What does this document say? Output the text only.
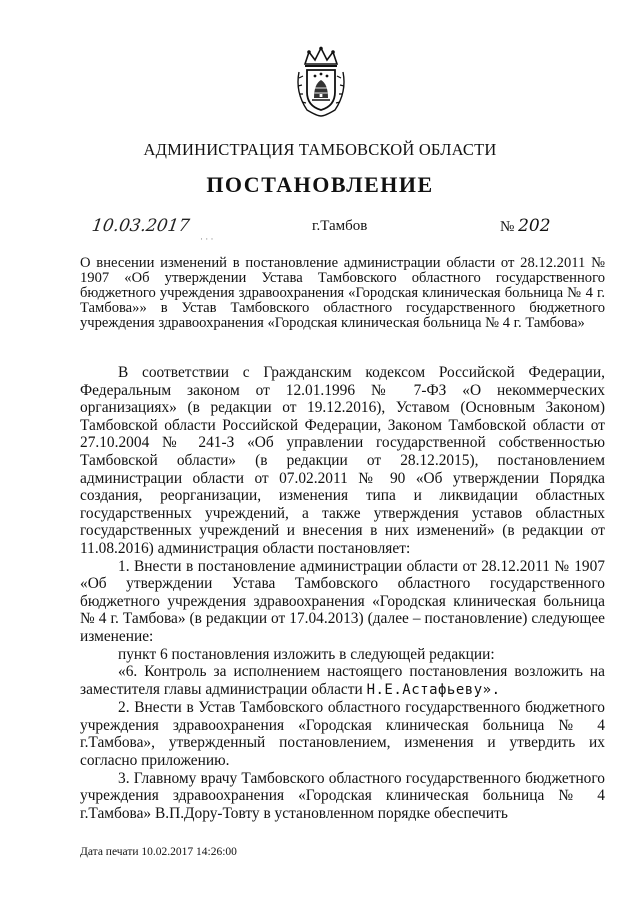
АДМИНИСТРАЦИЯ ТАМБОВСКОЙ ОБЛАСТИ
ПОСТАНОВЛЕНИЕ
10.03.2017	г.Тамбов	№ 202
· · ·
О внесении изменений в постановление администрации области от 28.12.2011 № 1907 «Об утверждении Устава Тамбовского областного государственного бюджетного учреждения здравоохранения «Городская клиническая больница № 4 г. Тамбова»» в Устав Тамбовского областного государственного бюджетного учреждения здравоохранения «Городская клиническая больница № 4 г. Тамбова»

В соответствии с Гражданским кодексом Российской Федерации, Федеральным законом от 12.01.1996 № 7-ФЗ «О некоммерческих организациях» (в редакции от 19.12.2016), Уставом (Основным Законом) Тамбовской области Российской Федерации, Законом Тамбовской области от 27.10.2004 № 241-З «Об управлении государственной собственностью Тамбовской области» (в редакции от 28.12.2015), постановлением администрации области от 07.02.2011 № 90 «Об утверждении Порядка создания, реорганизации, изменения типа и ликвидации областных государственных учреждений, а также утверждения уставов областных государственных учреждений и внесения в них изменений» (в редакции от 11.08.2016) администрация области постановляет:

1. Внести в постановление администрации области от 28.12.2011 № 1907 «Об утверждении Устава Тамбовского областного государственного бюджетного учреждения здравоохранения «Городская клиническая больница № 4 г. Тамбова» (в редакции от 17.04.2013) (далее – постановление) следующее изменение:

пункт 6 постановления изложить в следующей редакции:

«6. Контроль за исполнением настоящего постановления возложить на заместителя главы администрации области Н.Е.Астафьеву».

2. Внести в Устав Тамбовского областного государственного бюджетного учреждения здравоохранения «Городская клиническая больница № 4 г.Тамбова», утвержденный постановлением, изменения и утвердить их согласно приложению.

3. Главному врачу Тамбовского областного государственного бюджетного учреждения здравоохранения «Городская клиническая больница № 4 г.Тамбова» В.П.Дору-Товту в установленном порядке обеспечить

Дата печати 10.02.2017 14:26:00
